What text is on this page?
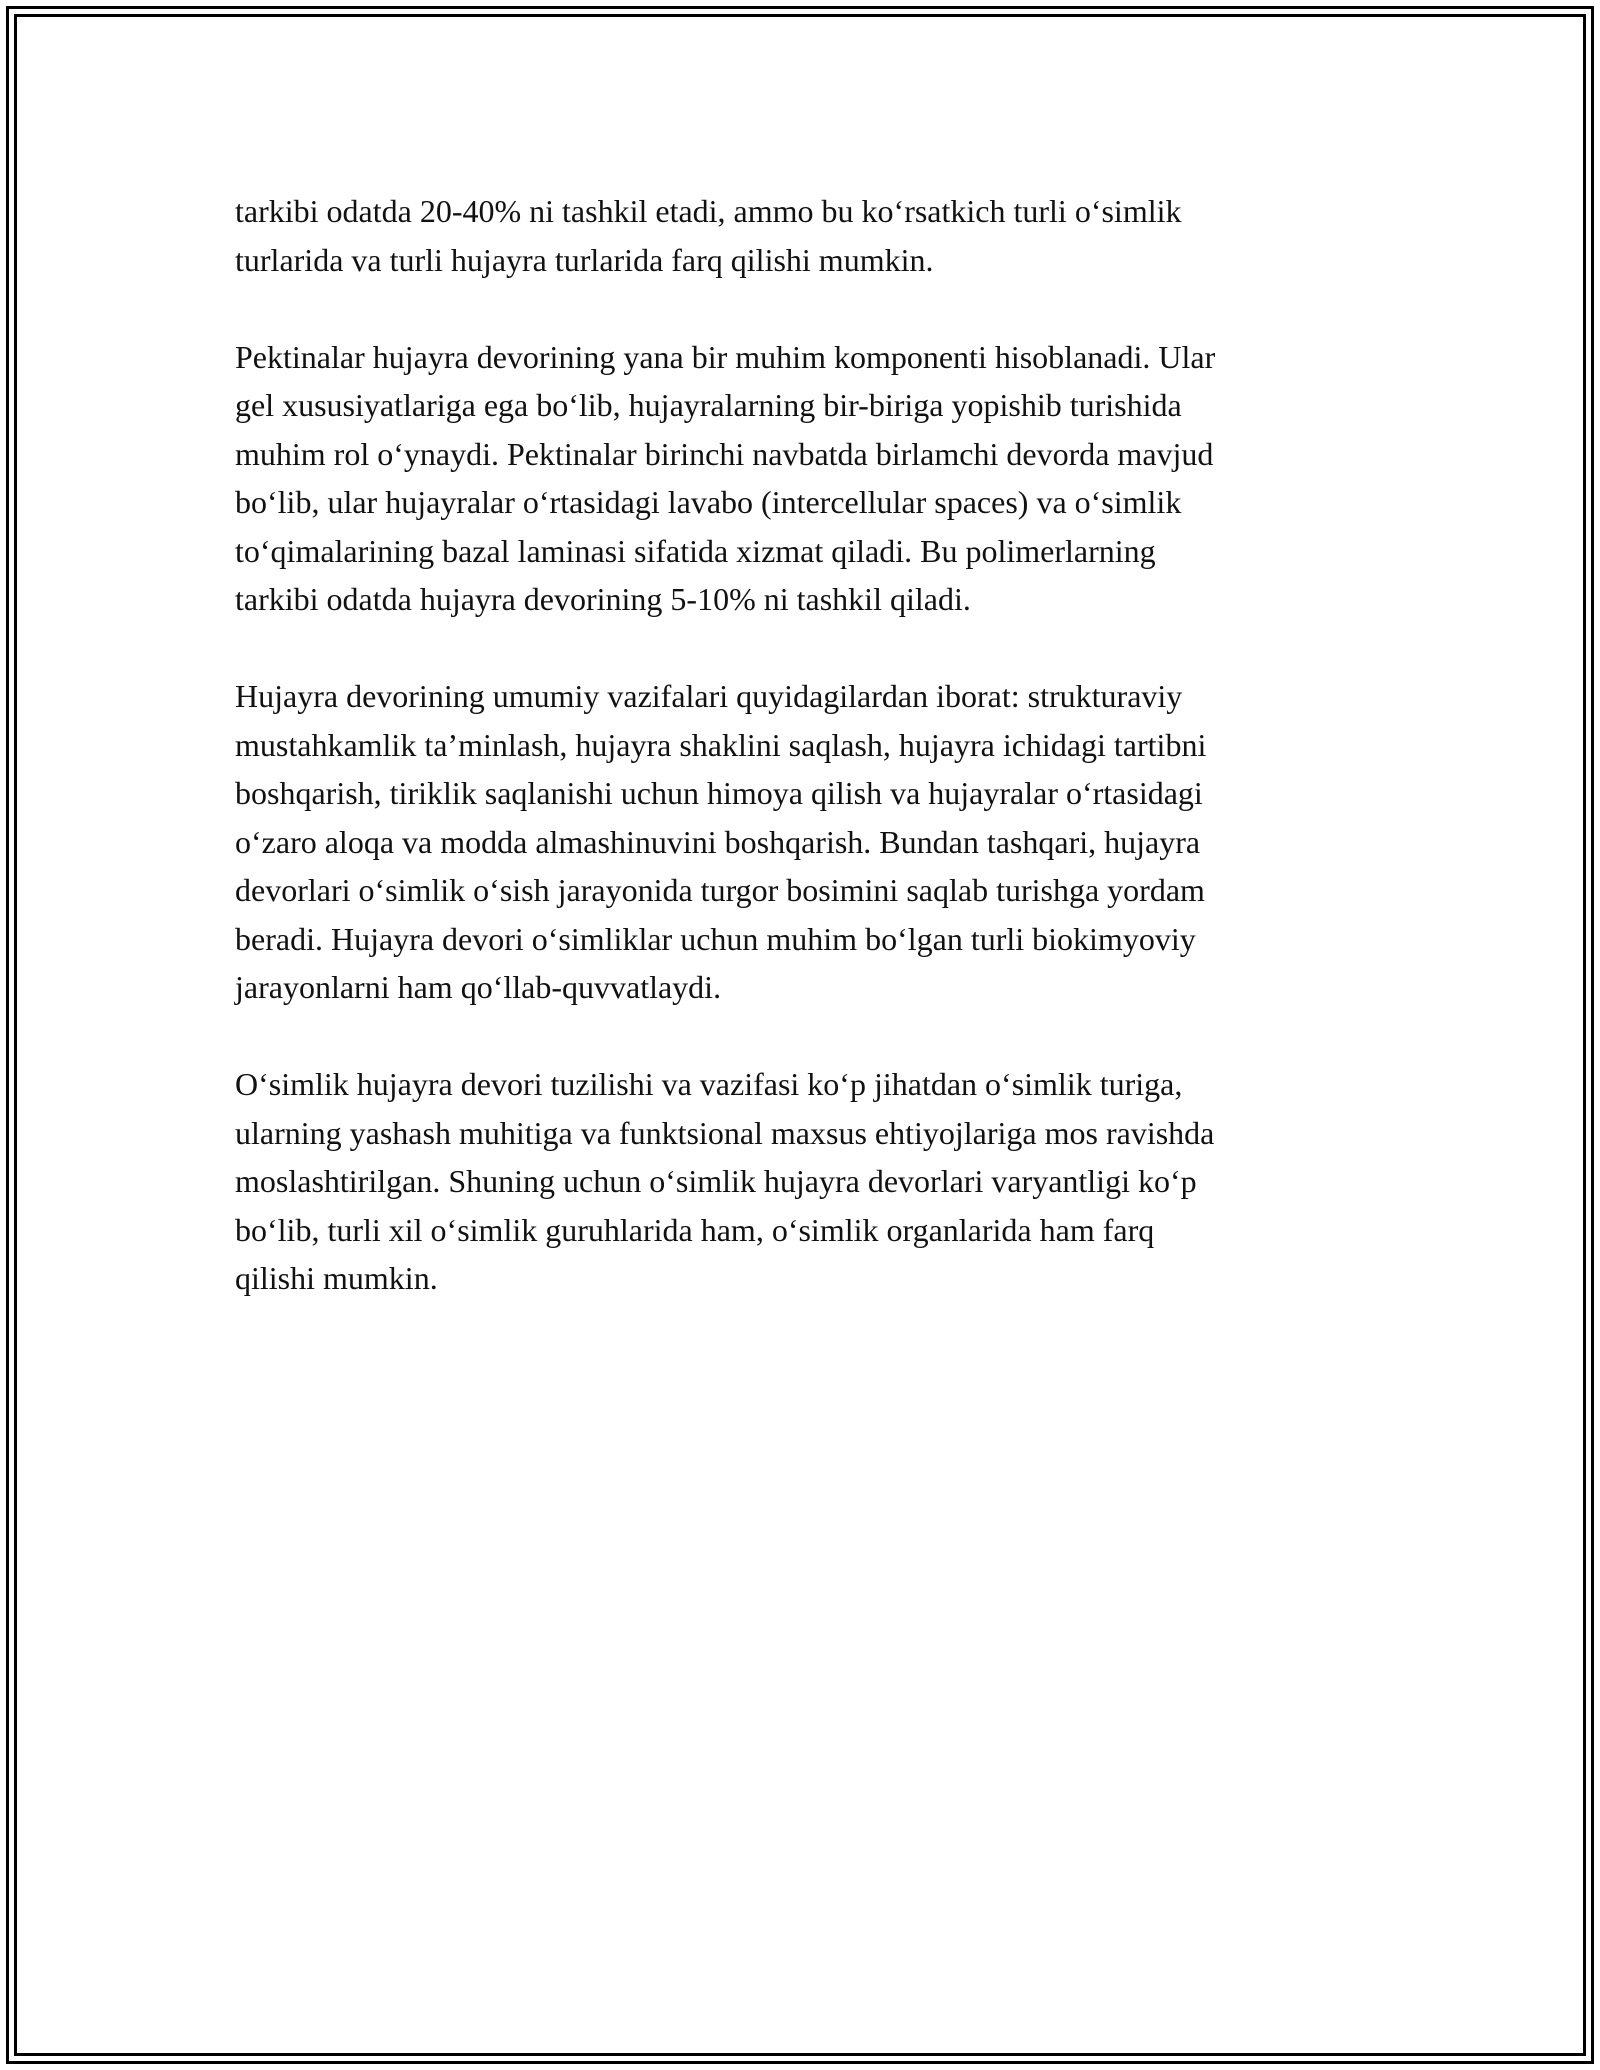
tarkibi odatda 20-40% ni tashkil etadi, ammo bu ko‘rsatkich turli o‘simlik
turlarida va turli hujayra turlarida farq qilishi mumkin.

Pektinalar hujayra devorining yana bir muhim komponenti hisoblanadi. Ular
gel xususiyatlariga ega bo‘lib, hujayralarning bir-biriga yopishib turishida
muhim rol o‘ynaydi. Pektinalar birinchi navbatda birlamchi devorda mavjud
bo‘lib, ular hujayralar o‘rtasidagi lavabo (intercellular spaces) va o‘simlik
to‘qimalarining bazal laminasi sifatida xizmat qiladi. Bu polimerlarning
tarkibi odatda hujayra devorining 5-10% ni tashkil qiladi.

Hujayra devorining umumiy vazifalari quyidagilardan iborat: strukturaviy
mustahkamlik ta’minlash, hujayra shaklini saqlash, hujayra ichidagi tartibni
boshqarish, tiriklik saqlanishi uchun himoya qilish va hujayralar o‘rtasidagi
o‘zaro aloqa va modda almashinuvini boshqarish. Bundan tashqari, hujayra
devorlari o‘simlik o‘sish jarayonida turgor bosimini saqlab turishga yordam
beradi. Hujayra devori o‘simliklar uchun muhim bo‘lgan turli biokimyoviy
jarayonlarni ham qo‘llab-quvvatlaydi.

O‘simlik hujayra devori tuzilishi va vazifasi ko‘p jihatdan o‘simlik turiga,
ularning yashash muhitiga va funktsional maxsus ehtiyojlariga mos ravishda
moslashtirilgan. Shuning uchun o‘simlik hujayra devorlari varyantligi ko‘p
bo‘lib, turli xil o‘simlik guruhlarida ham, o‘simlik organlarida ham farq
qilishi mumkin.
